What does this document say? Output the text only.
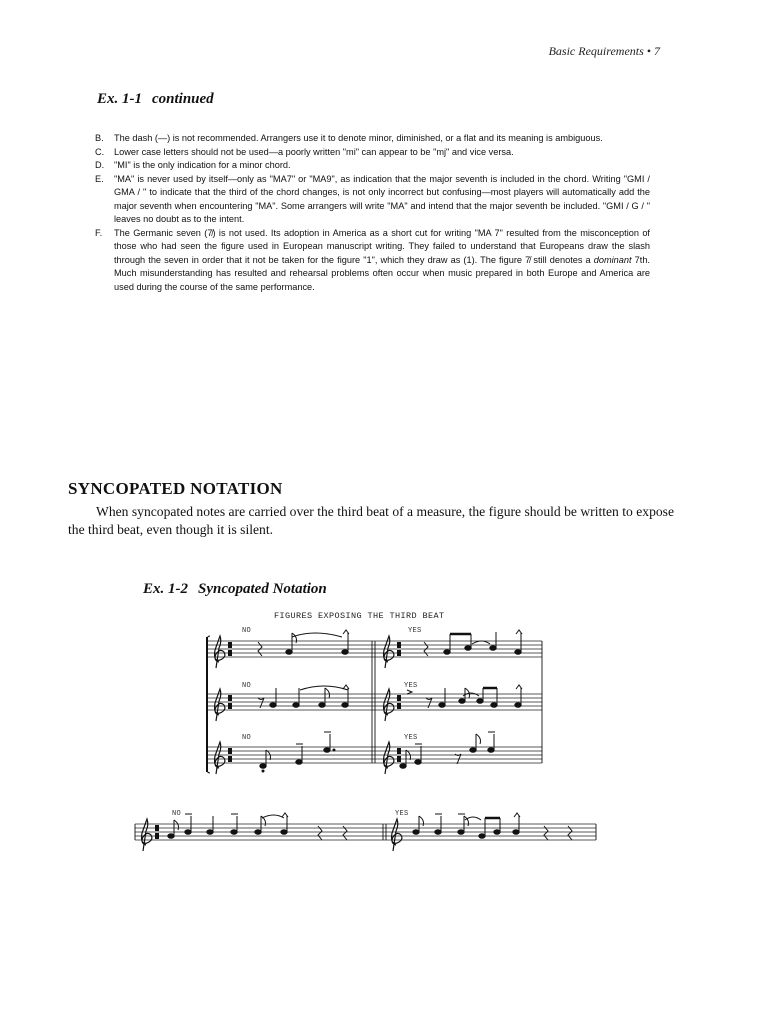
Basic Requirements • 7
Ex. 1-1 continued
B. The dash (—) is not recommended. Arrangers use it to denote minor, diminished, or a flat and its meaning is ambiguous.
C. Lower case letters should not be used—a poorly written "mi" can appear to be "mj" and vice versa.
D. "MI" is the only indication for a minor chord.
E. "MA" is never used by itself—only as "MA7" or "MA9", as indication that the major seventh is included in the chord. Writing "GMI / GMA / " to indicate that the third of the chord changes, is not only incorrect but confusing—most players will automatically add the major seventh when encountering "MA". Some arrangers will write "MA" and intend that the major seventh be included. "GMI / G / " leaves no doubt as to the intent.
F. The Germanic seven (7̸) is not used. Its adoption in America as a short cut for writing "MA 7" resulted from the misconception of those who had seen the figure used in European manuscript writing. They failed to understand that Europeans draw the slash through the seven in order that it not be taken for the figure "1", which they draw as (1). The figure 7̸ still denotes a dominant 7th. Much misunderstanding has resulted and rehearsal problems often occur when music prepared in both Europe and America are used during the course of the same performance.
SYNCOPATED NOTATION

When syncopated notes are carried over the third beat of a measure, the figure should be written to expose the third beat, even though it is silent.

Ex. 1-2 Syncopated Notation
FIGURES EXPOSING THE THIRD BEAT
NO	YES
NO	YES
NO	YES
NO	YES
